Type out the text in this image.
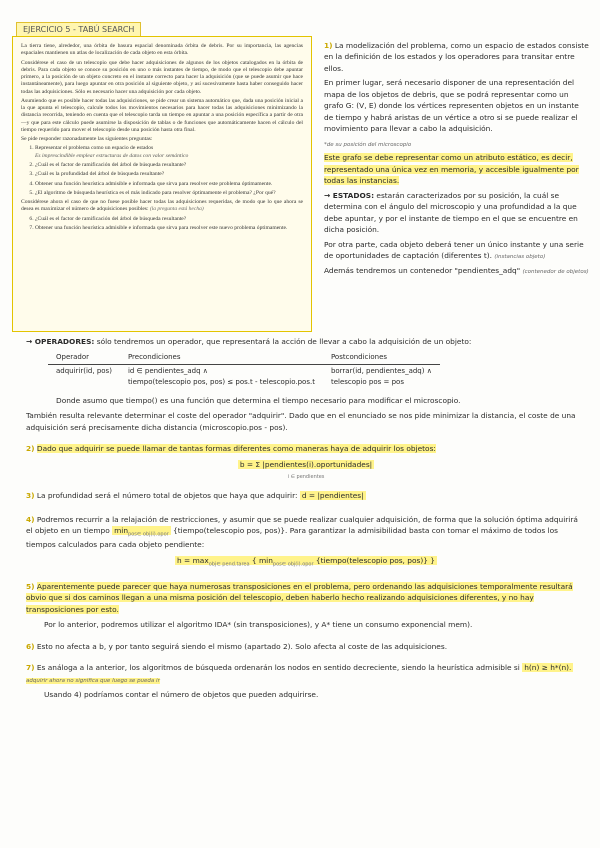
EJERCICIO 5 - TABÚ SEARCH

La tierra tiene, alrededor, una órbita de basura espacial denominada órbita de debris. Por su importancia, las agencias espaciales mantienen un atlas de localización de cada objeto en esta órbita.

Considérese el caso de un telescopio que debe hacer adquisiciones de algunos de los objetos catalogados en la órbita de debris. Para cada objeto se conoce su posición en uno o más instantes de tiempo, de modo que el telescopio debe apuntar primero, a la posición de un objeto concreto en el instante correcto para hacer la adquisición (que se puede asumir que hace instantáneamente), para luego apuntar en otra posición al siguiente objeto, y así sucesivamente hasta haber conseguido hacer todas las adquisiciones. Sólo es necesario hacer una adquisición por cada objeto.

Asumiendo que es posible hacer todas las adquisiciones, se pide crear un sistema automático que, dada una posición inicial a la que apunta el telescopio, calcule todos los movimientos necesarios para hacer todas las adquisiciones minimizando la distancia recorrida, teniendo en cuenta que el telescopio tarda un tiempo en apuntar a una posición específica a partir de otra —y que para este cálculo puede asumirse la disposición de tablas o de funciones que automáticamente hacen el cálculo del tiempo requerido para mover el telescopio desde una posición hasta otra final.

Se pide responder razonadamente las siguientes preguntas:

1. Representar el problema como un espacio de estados
Es imprescindible emplear estructuras de datos con valor semántico
2. ¿Cuál es el factor de ramificación del árbol de búsqueda resultante?
3. ¿Cuál es la profundidad del árbol de búsqueda resultante?
4. Obtener una función heurística admisible e informada que sirva para resolver este problema óptimamente.
5. ¿El algoritmo de búsqueda heurística es el más indicado para resolver óptimamente el problema? ¿Por qué?

Considérese ahora el caso de que no fuese posible hacer todas las adquisiciones requeridas, de modo que lo que ahora se desea es maximizar el número de adquisiciones posibles: (la pregunta está hecha)

6. ¿Cuál es el factor de ramificación del árbol de búsqueda resultante?
7. Obtener una función heurística admisible e informada que sirva para resolver este nuevo problema óptimamente.

1) La modelización del problema, como un espacio de estados consiste en la definición de los estados y los operadores para transitar entre ellos.

En primer lugar, será necesario disponer de una representación del mapa de los objetos de debris, que se podrá representar como un grafo G: (V, E) donde los vértices representen objetos en un instante de tiempo y habrá aristas de un vértice a otro si se puede realizar el movimiento para llevar a cabo la adquisición.

*de su posición del microscopio

Este grafo se debe representar como un atributo estático, es decir, representado una única vez en memoria, y accesible igualmente por todas las instancias.

→ ESTADOS: estarán caracterizados por su posición, la cuál se determina con el ángulo del microscopio y una profundidad a la que debe apuntar, y por el instante de tiempo en el que se encuentre en dicha posición.

Por otra parte, cada objeto deberá tener un único instante y una serie de oportunidades de captación (diferentes t). (instancias objeto)

Además tendremos un contenedor "pendientes_adq" (contenedor de objetos)

→ OPERADORES: sólo tendremos un operador, que representará la acción de llevar a cabo la adquisición de un objeto:

Operador	Precondiciones	Postcondiciones
adquirir(id, pos)	id ∈ pendientes_adq ∧
tiempo(telescopio pos, pos) ≤ pos.t - telescopio.pos.t	borrar(id, pendientes_adq) ∧
telescopio pos = pos

Donde asumo que tiempo() es una función que determina el tiempo necesario para modificar el microscopio.

También resulta relevante determinar el coste del operador "adquirir". Dado que en el enunciado se nos pide minimizar la distancia, el coste de una adquisición será precisamente dicha distancia (microscopio.pos - pos).

2) Dado que adquirir se puede llamar de tantas formas diferentes como maneras haya de adquirir los objetos:

b = Σ |pendientes(i).oportunidades|
i ∈ pendientes

3) La profundidad será el número total de objetos que haya que adquirir: d = |pendientes|

4) Podremos recurrir a la relajación de restricciones, y asumir que se puede realizar cualquier adquisición, de forma que la solución óptima adquirirá el objeto en un tiempo $\min_{pos\in obj(i).opor}$ {tiempo(telescopio pos, pos)}. Para garantizar la admisibilidad basta con tomar el máximo de todos los tiempos calculados para cada objeto pendiente:

$h = \max_{obj\in pend.tarea}$ { $\min_{pos\in obj(i).opor}$ {tiempo(telescopio pos, pos)} }

5) Aparentemente puede parecer que haya numerosas transposiciones en el problema, pero ordenando las adquisiciones temporalmente resultará obvio que si dos caminos llegan a una misma posición del telescopio, deben haberlo hecho realizando adquisiciones diferentes, y no hay transposiciones por esto.

Por lo anterior, podremos utilizar el algoritmo IDA* (sin transposiciones), y A* tiene un consumo exponencial mem).

6) Esto no afecta a b, y por tanto seguirá siendo el mismo (apartado 2). Solo afecta al coste de las adquisiciones.

7) Es análoga a la anterior, los algoritmos de búsqueda ordenarán los nodos en sentido decreciente, siendo la heurística admisible si h(n) ≥ h*(n). adquirir ahora no significa que luego se pueda ir

Usando 4) podríamos contar el número de objetos que pueden adquirirse.
